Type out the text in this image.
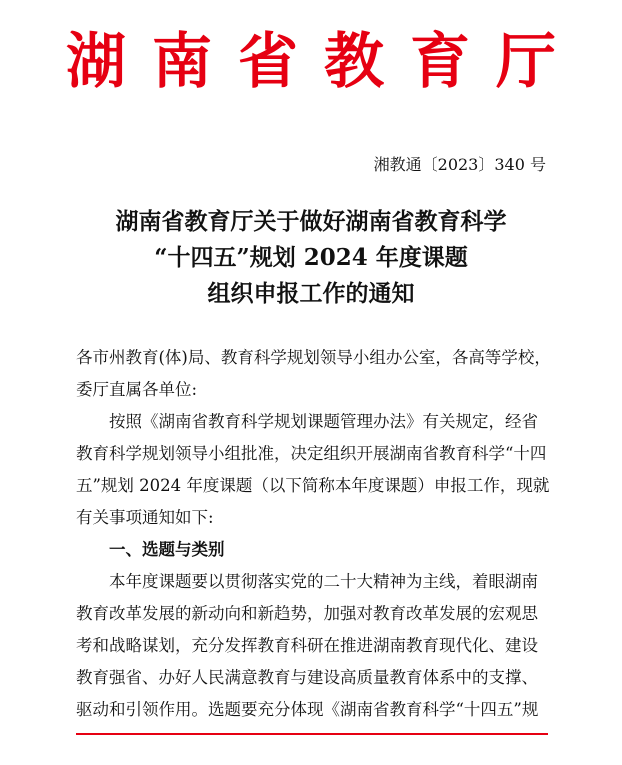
湖南省教育厅
湘教通〔2023〕340 号
湖南省教育厅关于做好湖南省教育科学
“十四五”规划 2024 年度课题
组织申报工作的通知
各市州教育(体)局、教育科学规划领导小组办公室，各高等学校，
委厅直属各单位:
　　按照《湖南省教育科学规划课题管理办法》有关规定，经省
教育科学规划领导小组批准，决定组织开展湖南省教育科学“十四
五”规划 2024 年度课题（以下简称本年度课题）申报工作，现就
有关事项通知如下:
　　一、选题与类别
　　本年度课题要以贯彻落实党的二十大精神为主线，着眼湖南
教育改革发展的新动向和新趋势，加强对教育改革发展的宏观思
考和战略谋划，充分发挥教育科研在推进湖南教育现代化、建设
教育强省、办好人民满意教育与建设高质量教育体系中的支撑、
驱动和引领作用。选题要充分体现《湖南省教育科学“十四五”规
